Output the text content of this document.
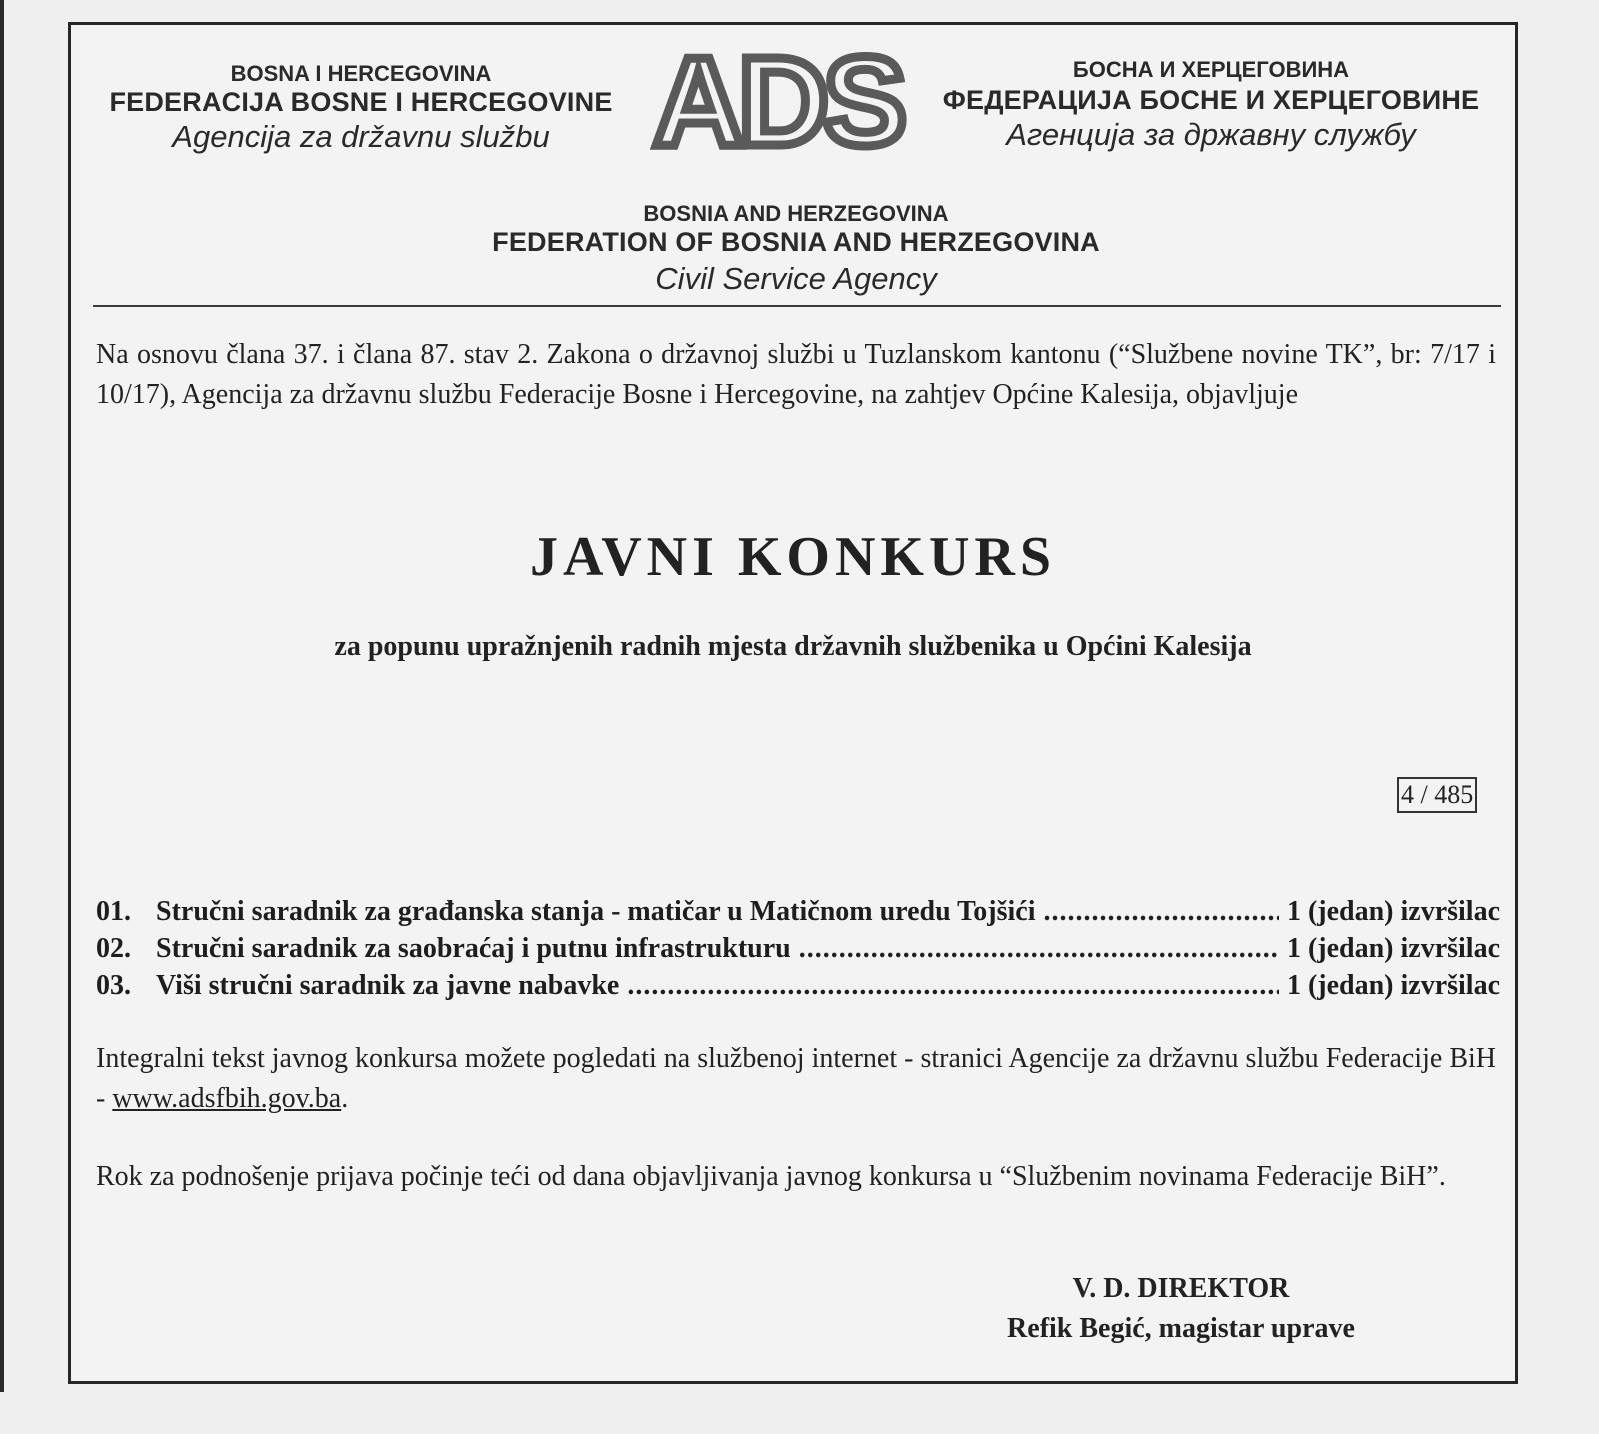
BOSNA I HERCEGOVINA
FEDERACIJA BOSNE I HERCEGOVINE
Agencija za državnu službu ADS	БОСНА И ХЕРЦЕГОВИНА
ФЕДЕРАЦИЈА БОСНЕ И ХЕРЦЕГОВИНЕ
Агенција за државну службу
BOSNIA AND HERZEGOVINA
FEDERATION OF BOSNIA AND HERZEGOVINA
Civil Service Agency
Na osnovu člana 37. i člana 87. stav 2. Zakona o državnoj službi u Tuzlanskom kantonu (“Službene novine TK”, br: 7/17 i 10/17), Agencija za državnu službu Federacije Bosne i Hercegovine, na zahtjev Općine Kalesija, objavljuje
JAVNI KONKURS
za popunu upražnjenih radnih mjesta državnih službenika u Općini Kalesija
4 / 485
01. Stručni saradnik za građanska stanja - matičar u Matičnom uredu Tojšići .....	1 (jedan) izvršilac
02. Stručni saradnik za saobraćaj i putnu infrastrukturu .....	1 (jedan) izvršilac
03. Viši stručni saradnik za javne nabavke .....	1 (jedan) izvršilac
Integralni tekst javnog konkursa možete pogledati na službenoj internet - stranici Agencije za državnu službu Federacije BiH - www.adsfbih.gov.ba.
Rok za podnošenje prijava počinje teći od dana objavljivanja javnog konkursa u “Službenim novinama Federacije BiH”.
V. D. DIREKTOR
Refik Begić, magistar uprave
